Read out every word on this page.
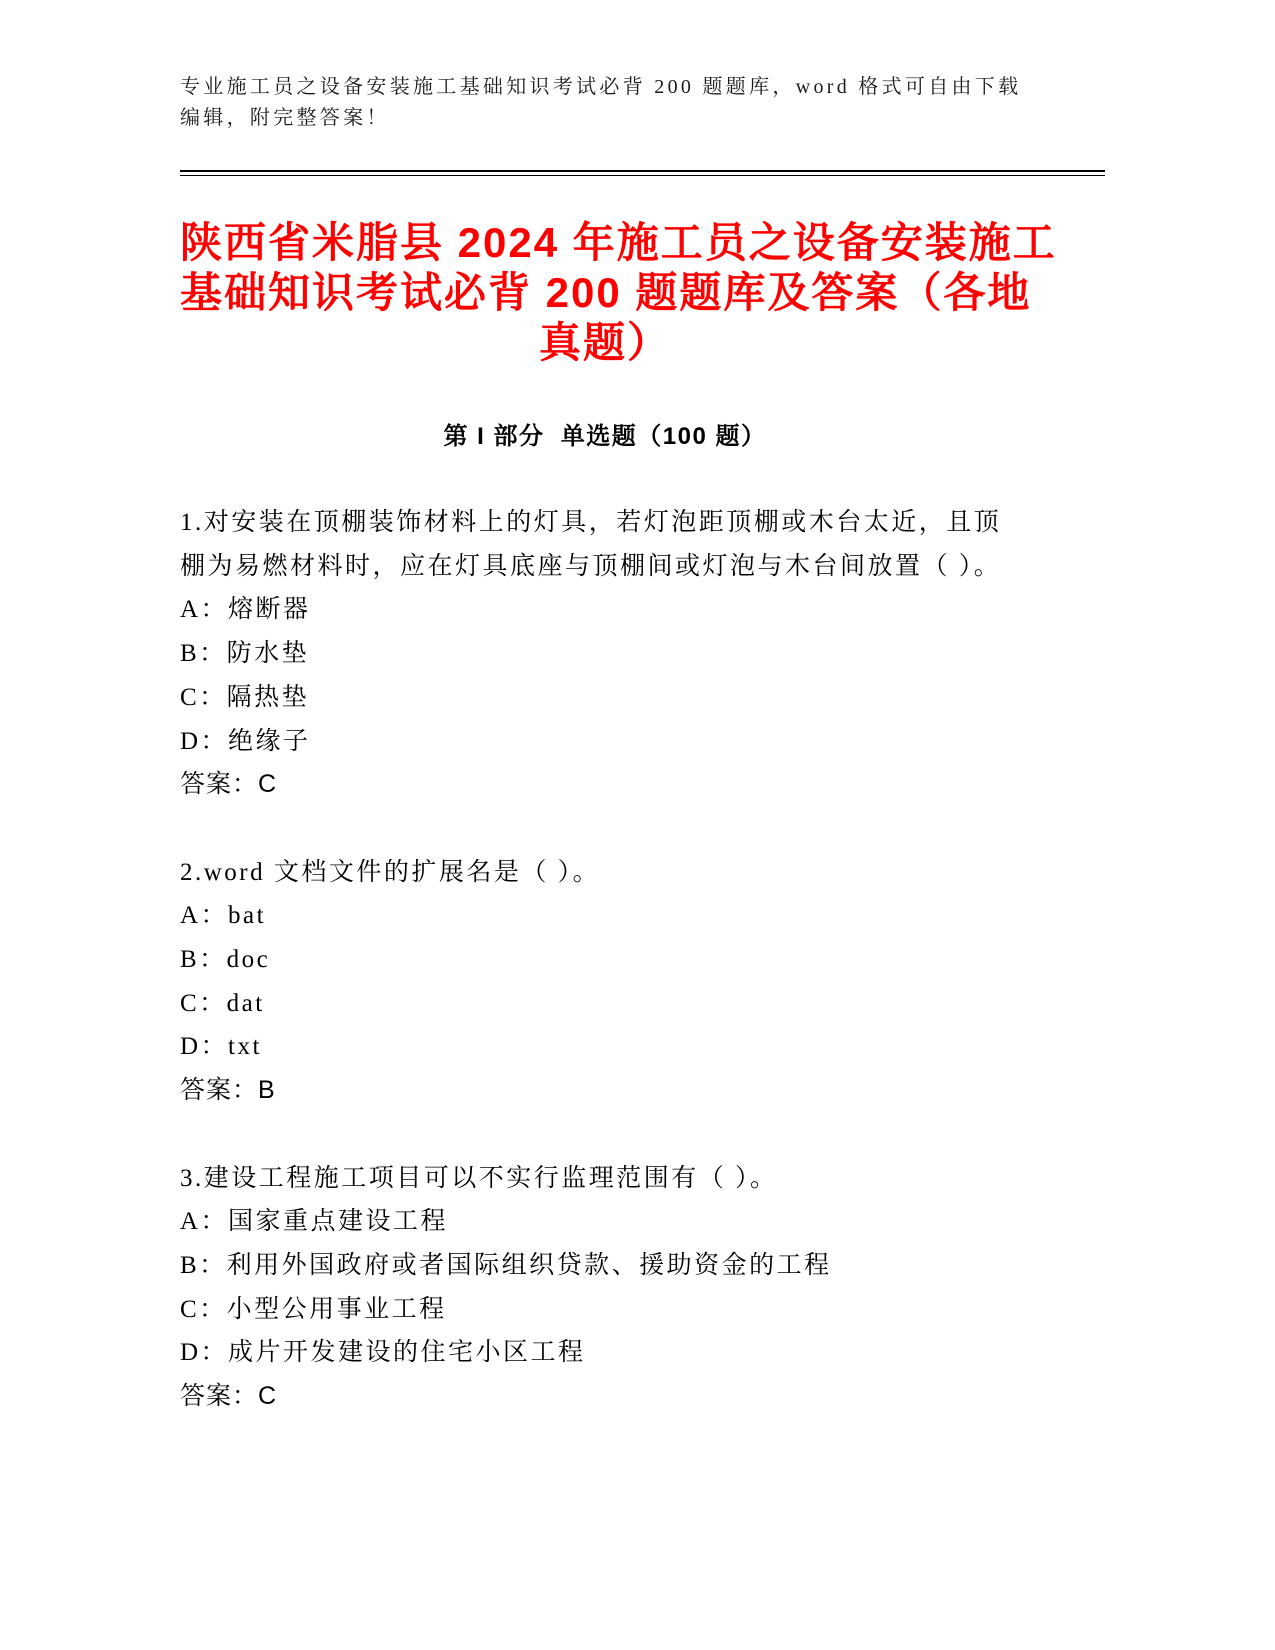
专业施工员之设备安装施工基础知识考试必背 200 题题库，word 格式可自由下载
编辑，附完整答案！
陕西省米脂县 2024 年施工员之设备安装施工
基础知识考试必背 200 题题库及答案（各地
真题）
第 I 部分  单选题（100 题）
1.对安装在顶棚装饰材料上的灯具，若灯泡距顶棚或木台太近，且顶
棚为易燃材料时，应在灯具底座与顶棚间或灯泡与木台间放置（ ）。
A：熔断器
B：防水垫
C：隔热垫
D：绝缘子
答案：C
2.word 文档文件的扩展名是（ ）。
A：bat
B：doc
C：dat
D：txt
答案：B
3.建设工程施工项目可以不实行监理范围有（ ）。
A：国家重点建设工程
B：利用外国政府或者国际组织贷款、援助资金的工程
C：小型公用事业工程
D：成片开发建设的住宅小区工程
答案：C
